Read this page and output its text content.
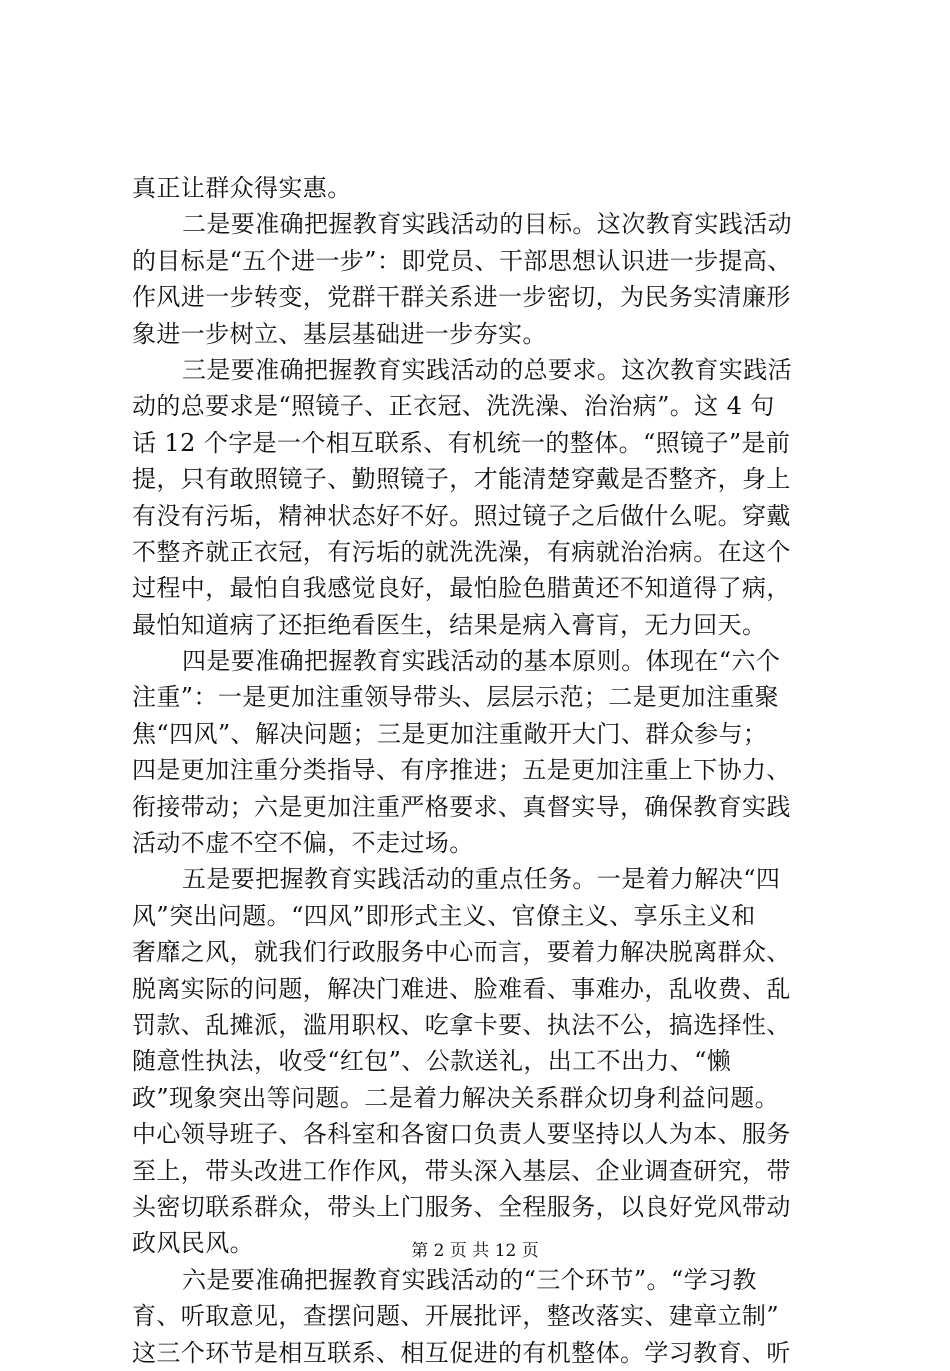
真正让群众得实惠。
二是要准确把握教育实践活动的目标。这次教育实践活动
的目标是“五个进一步”：即党员、干部思想认识进一步提高、
作风进一步转变，党群干群关系进一步密切，为民务实清廉形
象进一步树立、基层基础进一步夯实。
三是要准确把握教育实践活动的总要求。这次教育实践活
动的总要求是“照镜子、正衣冠、洗洗澡、治治病”。这 4 句
话 12 个字是一个相互联系、有机统一的整体。“照镜子”是前
提，只有敢照镜子、勤照镜子，才能清楚穿戴是否整齐，身上
有没有污垢，精神状态好不好。照过镜子之后做什么呢。穿戴
不整齐就正衣冠，有污垢的就洗洗澡，有病就治治病。在这个
过程中，最怕自我感觉良好，最怕脸色腊黄还不知道得了病，
最怕知道病了还拒绝看医生，结果是病入膏肓，无力回天。
四是要准确把握教育实践活动的基本原则。体现在“六个
注重”：一是更加注重领导带头、层层示范；二是更加注重聚
焦“四风”、解决问题；三是更加注重敞开大门、群众参与；
四是更加注重分类指导、有序推进；五是更加注重上下协力、
衔接带动；六是更加注重严格要求、真督实导，确保教育实践
活动不虚不空不偏，不走过场。
五是要把握教育实践活动的重点任务。一是着力解决“四
风”突出问题。“四风”即形式主义、官僚主义、享乐主义和
奢靡之风，就我们行政服务中心而言，要着力解决脱离群众、
脱离实际的问题，解决门难进、脸难看、事难办，乱收费、乱
罚款、乱摊派，滥用职权、吃拿卡要、执法不公，搞选择性、
随意性执法，收受“红包”、公款送礼，出工不出力、“懒
政”现象突出等问题。二是着力解决关系群众切身利益问题。
中心领导班子、各科室和各窗口负责人要坚持以人为本、服务
至上，带头改进工作作风，带头深入基层、企业调查研究，带
头密切联系群众，带头上门服务、全程服务，以良好党风带动
政风民风。
六是要准确把握教育实践活动的“三个环节”。“学习教
育、听取意见，查摆问题、开展批评，整改落实、建章立制”
这三个环节是相互联系、相互促进的有机整体。学习教育、听
第 2 页 共 12 页
